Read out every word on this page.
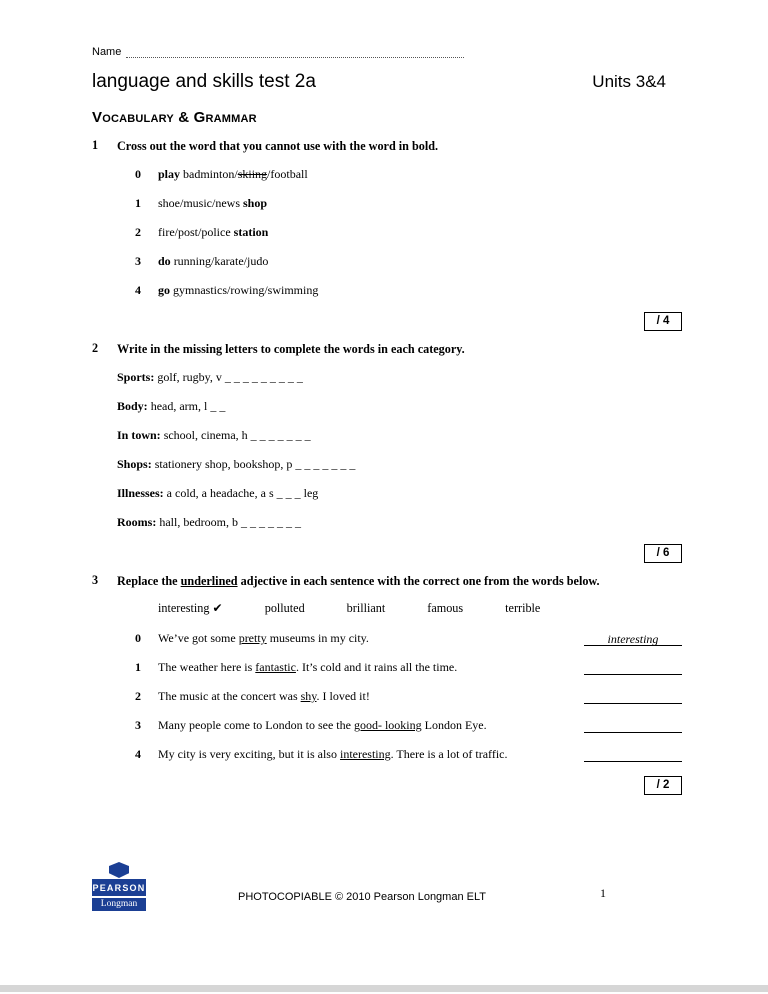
Name
language and skills test 2a	Units 3&4
Vocabulary & Grammar
1	Cross out the word that you cannot use with the word in bold.
0	play badminton/skiing/football
1	shoe/music/news shop
2	fire/post/police station
3	do running/karate/judo
4	go gymnastics/rowing/swimming
/ 4
2	Write in the missing letters to complete the words in each category.
Sports: golf, rugby, v _ _ _ _ _ _ _ _ _
Body: head, arm, l _ _
In town: school, cinema, h _ _ _ _ _ _ _
Shops: stationery shop, bookshop, p _ _ _ _ _ _ _
Illnesses: a cold, a headache, a s _ _ _ leg
Rooms: hall, bedroom, b _ _ _ _ _ _ _
/ 6
3	Replace the underlined adjective in each sentence with the correct one from the words below.
interesting ✔	polluted	brilliant	famous	terrible
0	We’ve got some pretty museums in my city.	interesting
1	The weather here is fantastic. It’s cold and it rains all the time.
2	The music at the concert was shy. I loved it!
3	Many people come to London to see the good- looking London Eye.
4	My city is very exciting, but it is also interesting. There is a lot of traffic.
/ 2
PEARSON
Longman
PHOTOCOPIABLE © 2010 Pearson Longman ELT	1
